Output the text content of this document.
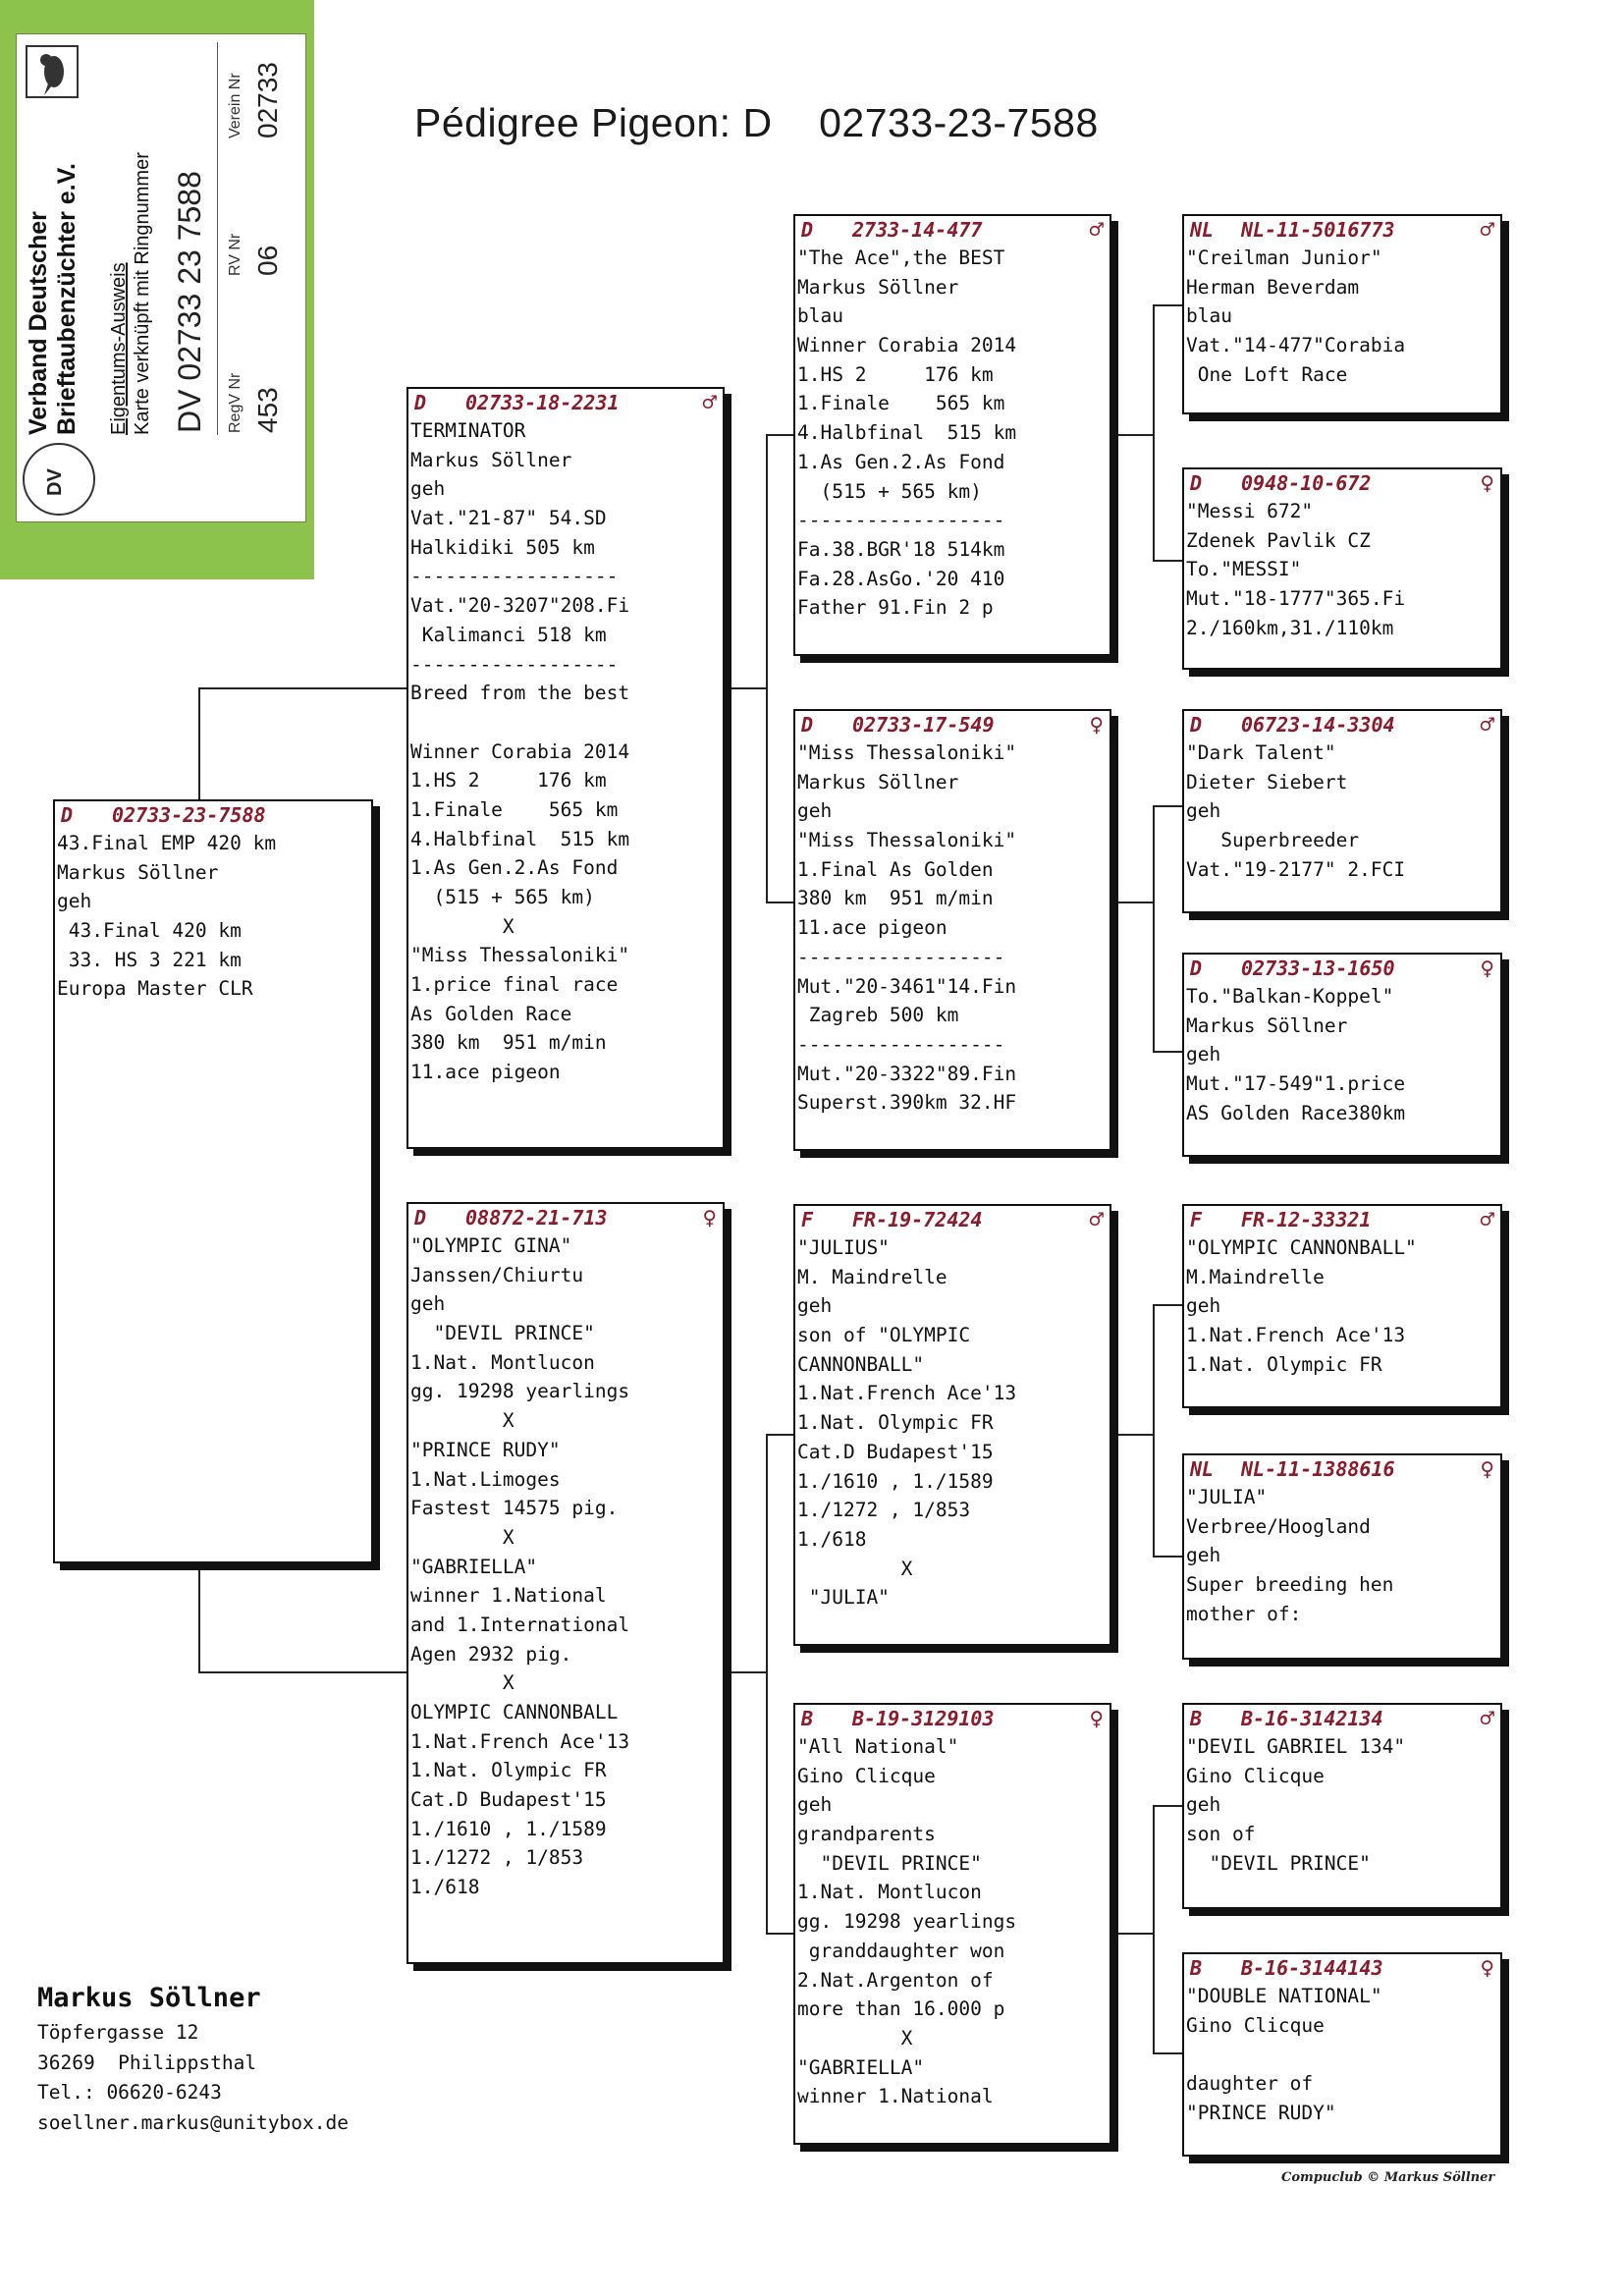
DV
Verband Deutscher
Brieftaubenzüchter e.V. Eigentums-Ausweis Karte verknüpft mit Ringnummer DV 02733 23 7588 RegV Nr
RV Nr
Verein Nr
453
06
02733	Pédigree Pigeon: D    02733-23-7588
D	02733-23-7588
43.Final EMP 420 km
Markus Söllner
geh
43.Final 420 km
33. HS 3 221 km
Europa Master CLR
D	02733-18-2231	♂
TERMINATOR
Markus Söllner
geh
Vat."21-87" 54.SD
Halkidiki 505 km
------------------
Vat."20-3207"208.Fi
Kalimanci 518 km
------------------
Breed from the best
Winner Corabia 2014
1.HS 2     176 km
1.Finale    565 km
4.Halbfinal  515 km
1.As Gen.2.As Fond
(515 + 565 km)
X
"Miss Thessaloniki"
1.price final race
As Golden Race
380 km  951 m/min
11.ace pigeon
D	08872-21-713	♀
"OLYMPIC GINA"
Janssen/Chiurtu
geh
"DEVIL PRINCE"
1.Nat. Montlucon
gg. 19298 yearlings
X
"PRINCE RUDY"
1.Nat.Limoges
Fastest 14575 pig.
X
"GABRIELLA"
winner 1.National
and 1.International
Agen 2932 pig.
X
OLYMPIC CANNONBALL
1.Nat.French Ace'13
1.Nat. Olympic FR
Cat.D Budapest'15
1./1610 , 1./1589
1./1272 , 1/853
1./618
D	2733-14-477	♂
"The Ace",the BEST
Markus Söllner
blau
Winner Corabia 2014
1.HS 2     176 km
1.Finale    565 km
4.Halbfinal  515 km
1.As Gen.2.As Fond
(515 + 565 km)
------------------
Fa.38.BGR'18 514km
Fa.28.AsGo.'20 410
Father 91.Fin 2 p
D	02733-17-549	♀
"Miss Thessaloniki"
Markus Söllner
geh
"Miss Thessaloniki"
1.Final As Golden
380 km  951 m/min
11.ace pigeon
------------------
Mut."20-3461"14.Fin
Zagreb 500 km
------------------
Mut."20-3322"89.Fin
Superst.390km 32.HF
F	FR-19-72424	♂
"JULIUS"
M. Maindrelle
geh
son of "OLYMPIC
CANNONBALL"
1.Nat.French Ace'13
1.Nat. Olympic FR
Cat.D Budapest'15
1./1610 , 1./1589
1./1272 , 1/853
1./618
X
"JULIA"
B	B-19-3129103	♀
"All National"
Gino Clicque
geh
grandparents
"DEVIL PRINCE"
1.Nat. Montlucon
gg. 19298 yearlings
granddaughter won
2.Nat.Argenton of
more than 16.000 p
X
"GABRIELLA"
winner 1.National
NL	NL-11-5016773	♂
"Creilman Junior"
Herman Beverdam
blau
Vat."14-477"Corabia
One Loft Race
D	0948-10-672	♀
"Messi 672"
Zdenek Pavlik CZ
To."MESSI"
Mut."18-1777"365.Fi
2./160km,31./110km
D	06723-14-3304	♂
"Dark Talent"
Dieter Siebert
geh
Superbreeder
Vat."19-2177" 2.FCI
D	02733-13-1650	♀
To."Balkan-Koppel"
Markus Söllner
geh
Mut."17-549"1.price
AS Golden Race380km
F	FR-12-33321	♂
"OLYMPIC CANNONBALL"
M.Maindrelle
geh
1.Nat.French Ace'13
1.Nat. Olympic FR
NL	NL-11-1388616	♀
"JULIA"
Verbree/Hoogland
geh
Super breeding hen
mother of:
B	B-16-3142134	♂
"DEVIL GABRIEL 134"
Gino Clicque
geh
son of
"DEVIL PRINCE"
B	B-16-3144143	♀
"DOUBLE NATIONAL"
Gino Clicque
daughter of
"PRINCE RUDY"
Markus Söllner
Töpfergasse 12
36269  Philippsthal
Tel.: 06620-6243
soellner.markus@unitybox.de
Compuclub © Markus Söllner
